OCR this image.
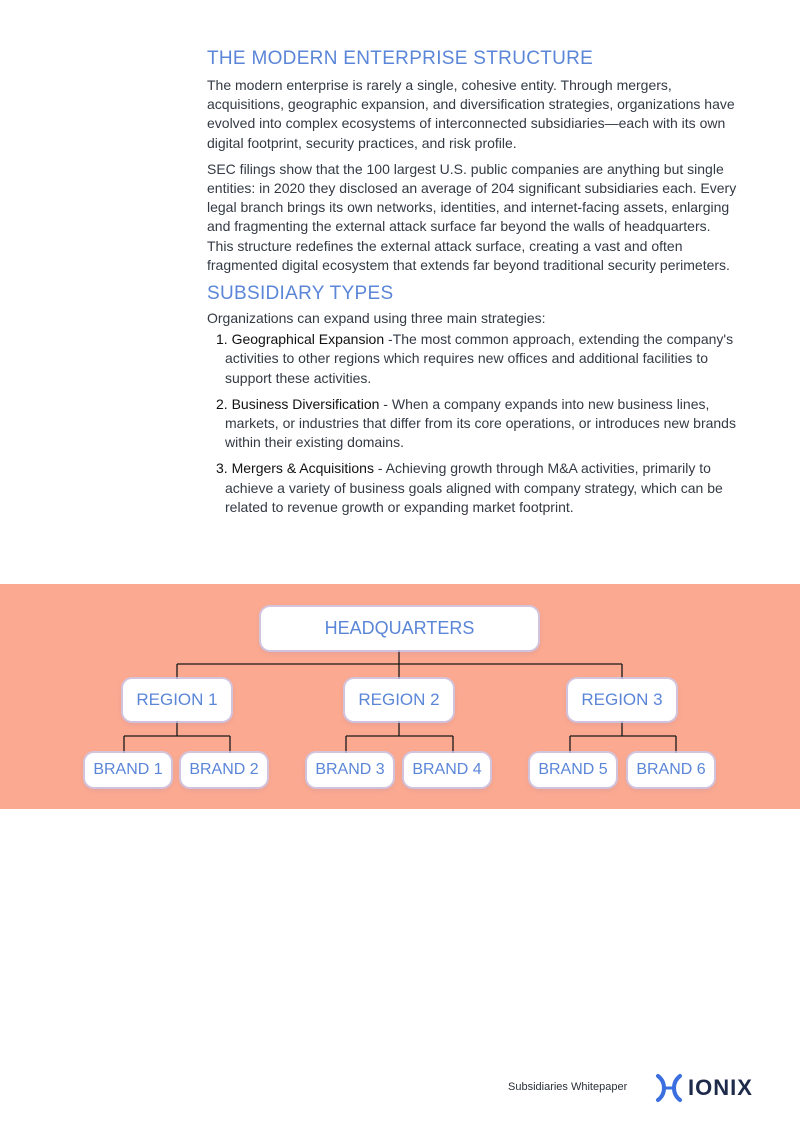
THE MODERN ENTERPRISE STRUCTURE

The modern enterprise is rarely a single, cohesive entity. Through mergers, acquisitions, geographic expansion, and diversification strategies, organizations have evolved into complex ecosystems of interconnected subsidiaries—each with its own digital footprint, security practices, and risk profile.

SEC filings show that the 100 largest U.S. public companies are anything but single entities: in 2020 they disclosed an average of 204 significant subsidiaries each. Every legal branch brings its own networks, identities, and internet-facing assets, enlarging and fragmenting the external attack surface far beyond the walls of headquarters.

This structure redefines the external attack surface, creating a vast and often fragmented digital ecosystem that extends far beyond traditional security perimeters.

SUBSIDIARY TYPES

Organizations can expand using three main strategies:

1. Geographical Expansion -The most common approach, extending the company's activities to other regions which requires new offices and additional facilities to support these activities.
2. Business Diversification - When a company expands into new business lines, markets, or industries that differ from its core operations, or introduces new brands within their existing domains.
3. Mergers & Acquisitions - Achieving growth through M&A activities, primarily to achieve a variety of business goals aligned with company strategy, which can be related to revenue growth or expanding market footprint.
HEADQUARTERS
REGION 1	REGION 2	REGION 3
BRAND 1	BRAND 2	BRAND 3	BRAND 4	BRAND 5	BRAND 6
Subsidiaries Whitepaper	IONIX
